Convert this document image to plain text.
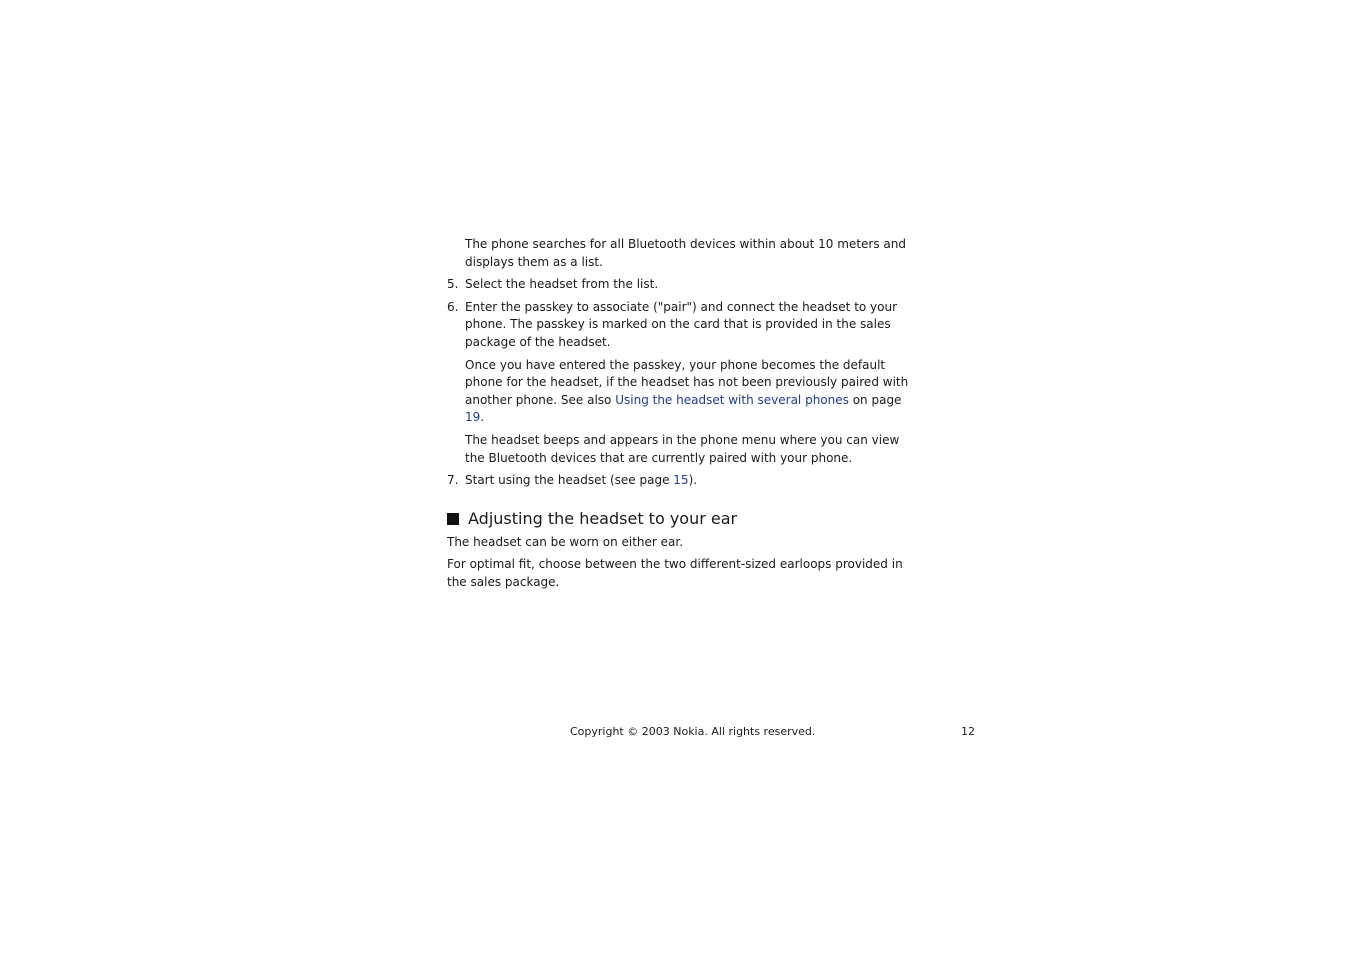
The phone searches for all Bluetooth devices within about 10 meters and displays them as a list.

5. Select the headset from the list.
6. Enter the passkey to associate ("pair") and connect the headset to your phone. The passkey is marked on the card that is provided in the sales package of the headset.

Once you have entered the passkey, your phone becomes the default phone for the headset, if the headset has not been previously paired with another phone. See also Using the headset with several phones on page 19.

The headset beeps and appears in the phone menu where you can view the Bluetooth devices that are currently paired with your phone.

7. Start using the headset (see page 15).
Adjusting the headset to your ear

The headset can be worn on either ear.

For optimal fit, choose between the two different-sized earloops provided in the sales package.

Copyright © 2003 Nokia. All rights reserved.	12
